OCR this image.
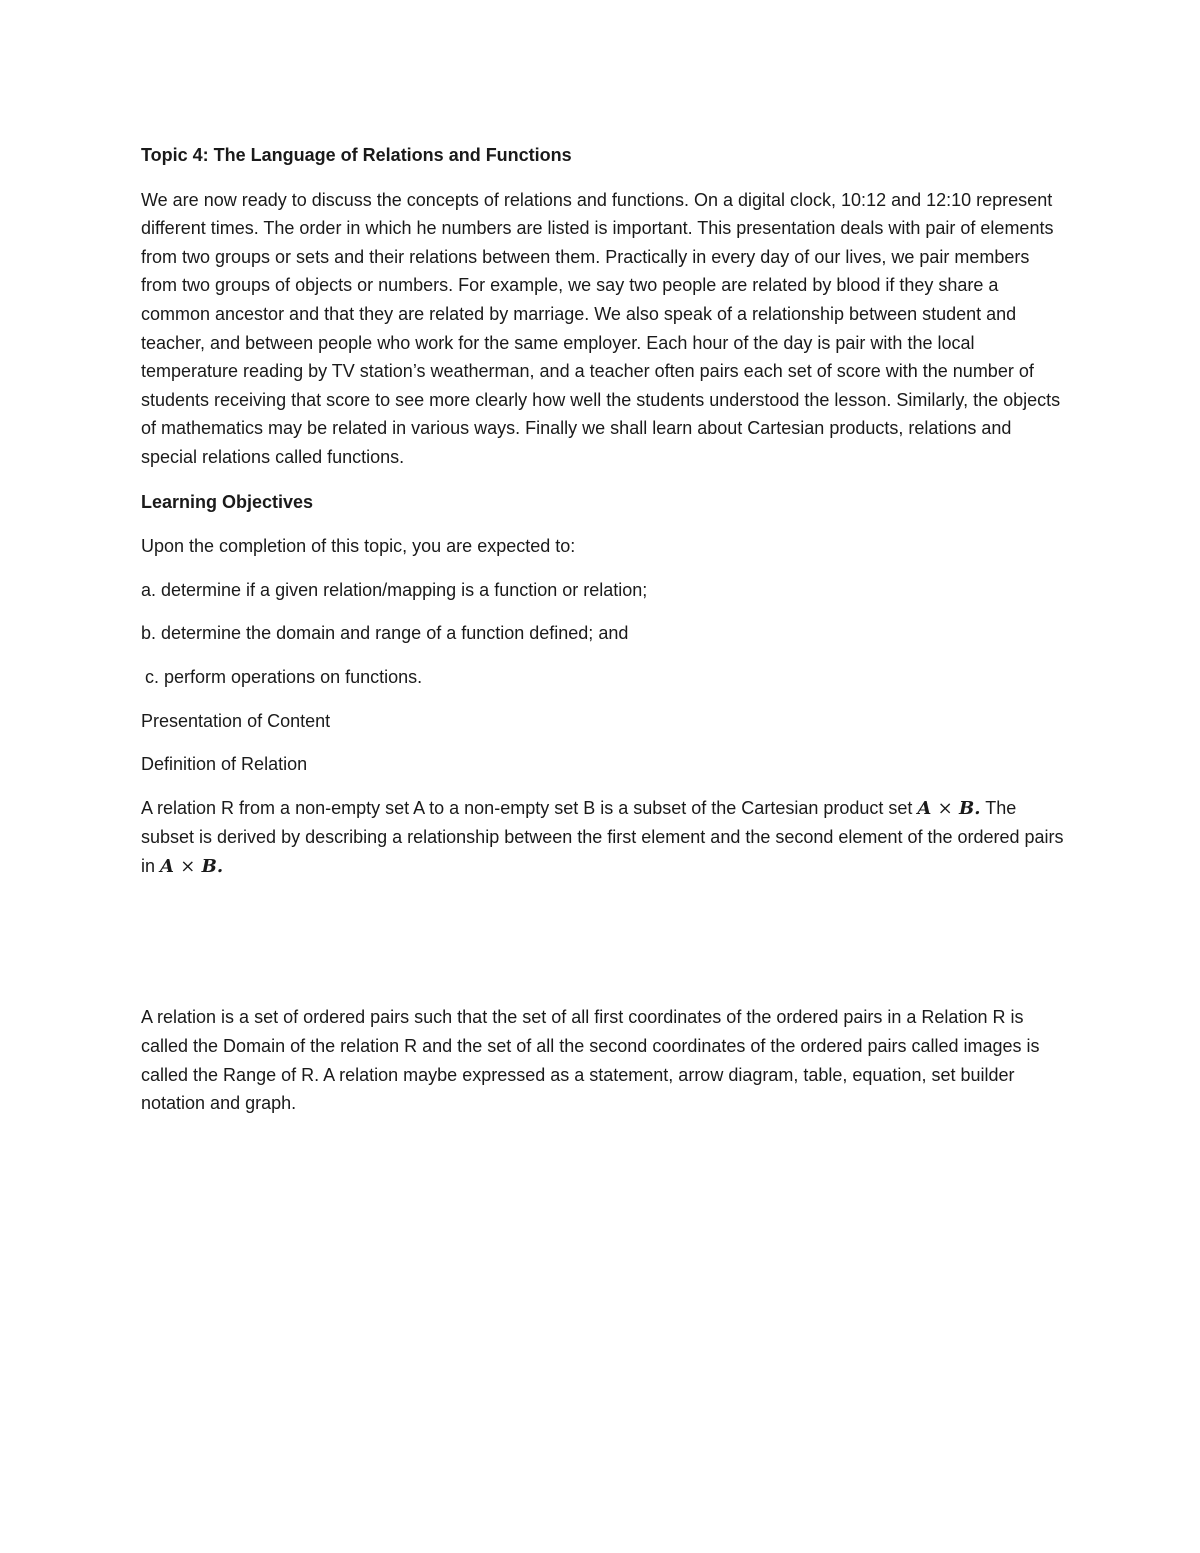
Topic 4: The Language of Relations and Functions

We are now ready to discuss the concepts of relations and functions. On a digital clock, 10:12 and 12:10 represent different times. The order in which he numbers are listed is important. This presentation deals with pair of elements from two groups or sets and their relations between them. Practically in every day of our lives, we pair members from two groups of objects or numbers. For example, we say two people are related by blood if they share a common ancestor and that they are related by marriage. We also speak of a relationship between student and teacher, and between people who work for the same employer. Each hour of the day is pair with the local temperature reading by TV station’s weatherman, and a teacher often pairs each set of score with the number of students receiving that score to see more clearly how well the students understood the lesson. Similarly, the objects of mathematics may be related in various ways. Finally we shall learn about Cartesian products, relations and special relations called functions.

Learning Objectives

Upon the completion of this topic, you are expected to:

a. determine if a given relation/mapping is a function or relation;

b. determine the domain and range of a function defined; and

c. perform operations on functions.

Presentation of Content

Definition of Relation

A relation R from a non-empty set A to a non-empty set B is a subset of the Cartesian product set A × B. The subset is derived by describing a relationship between the first element and the second element of the ordered pairs in A × B.

A relation is a set of ordered pairs such that the set of all first coordinates of the ordered pairs in a Relation R is called the Domain of the relation R and the set of all the second coordinates of the ordered pairs called images is called the Range of R. A relation maybe expressed as a statement, arrow diagram, table, equation, set builder notation and graph.
